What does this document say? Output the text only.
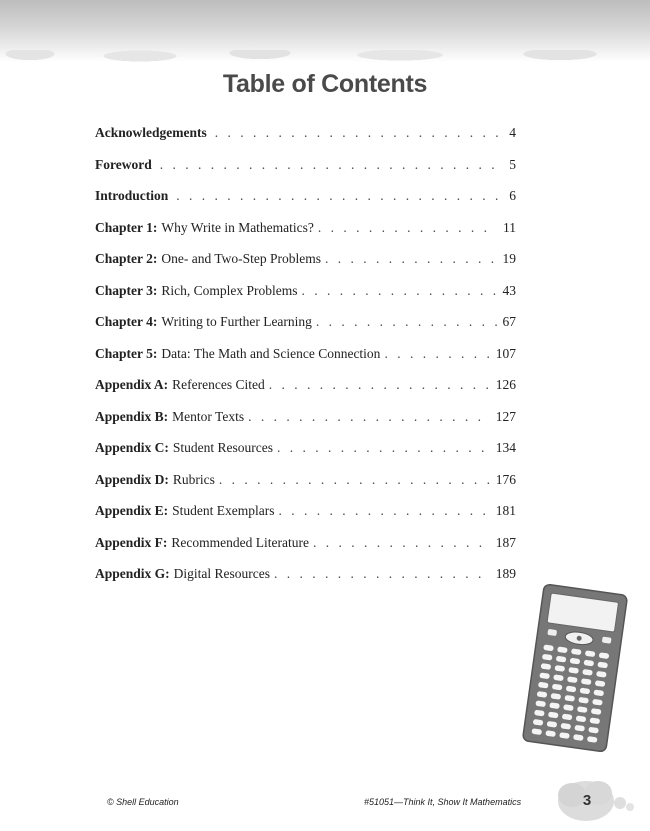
Table of Contents
Acknowledgements . . .	4
Foreword . . .	5
Introduction . . .	6
Chapter 1: Why Write in Mathematics? . . .	11
Chapter 2: One- and Two-Step Problems . . .	19
Chapter 3: Rich, Complex Problems . . .	43
Chapter 4: Writing to Further Learning . . .	67
Chapter 5: Data: The Math and Science Connection . . .	107
Appendix A: References Cited . . .	126
Appendix B: Mentor Texts . . .	127
Appendix C: Student Resources . . .	134
Appendix D: Rubrics . . .	176
Appendix E: Student Exemplars . . .	181
Appendix F: Recommended Literature . . .	187
Appendix G: Digital Resources . . .	189
© Shell Education	#51051—Think It, Show It Mathematics	3
